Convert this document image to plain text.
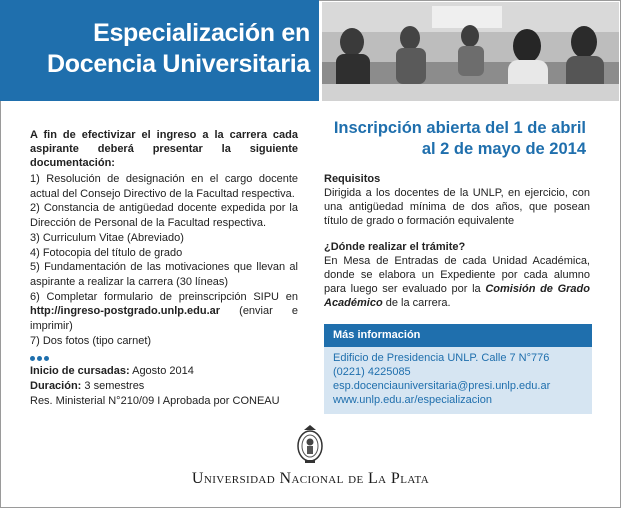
Especialización en
Docencia Universitaria
Inscripción abierta del 1 de abril
al 2 de mayo de 2014
A fin de efectivizar el ingreso a la carrera cada aspirante deberá presentar la siguiente documentación:
1) Resolución de designación en el cargo docente actual del Consejo Directivo de la Facultad respectiva.
2) Constancia de antigüedad docente expedida por la Dirección de Personal de la Facultad respectiva.
3) Curriculum Vitae (Abreviado)
4) Fotocopia del título de grado
5) Fundamentación de las motivaciones que llevan al aspirante a realizar la carrera (30 líneas)
6) Completar formulario de preinscripción SIPU en http://ingreso-postgrado.unlp.edu.ar (enviar e imprimir)
7) Dos fotos (tipo carnet)
Inicio de cursadas: Agosto 2014
Duración: 3 semestres
Res. Ministerial N°210/09 I Aprobada por CONEAU
Requisitos

Dirigida a los docentes de la UNLP, en ejercicio, con una antigüedad mínima de dos años, que posean título de grado o formación equivalente

¿Dónde realizar el trámite?

En Mesa de Entradas de cada Unidad Académica, donde se elabora un Expediente por cada alumno para luego ser evaluado por la Comisión de Grado Académico de la carrera.

Más información
Edificio de Presidencia UNLP. Calle 7 N°776
(0221) 4225085
esp.docenciauniversitaria@presi.unlp.edu.ar
www.unlp.edu.ar/especializacion
Universidad Nacional de La Plata
